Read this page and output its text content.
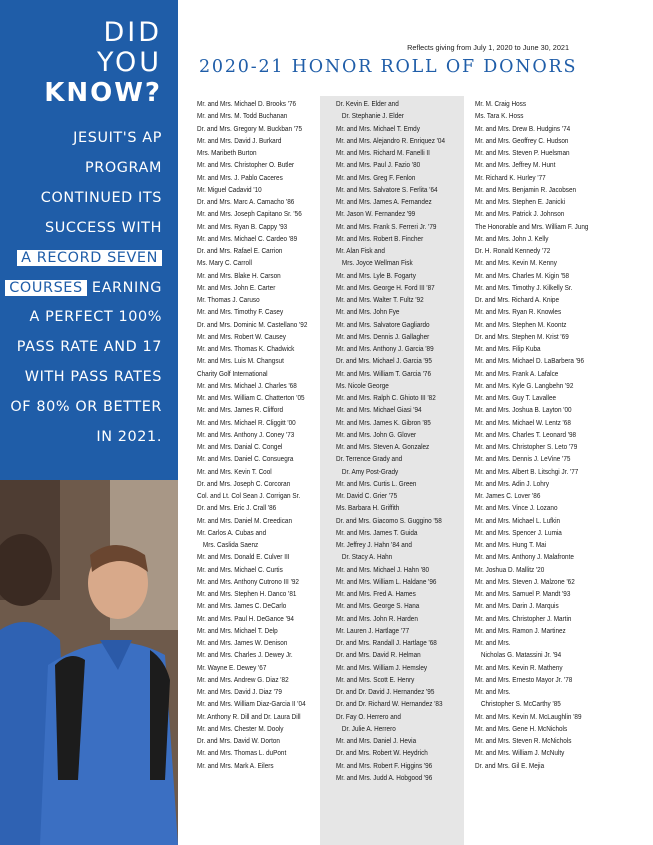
DID
YOU
KNOW?
JESUIT'S AP
PROGRAM
CONTINUED ITS
SUCCESS WITH
A RECORD SEVEN
COURSES EARNING
A PERFECT 100%
PASS RATE AND 17
WITH PASS RATES
OF 80% OR BETTER
IN 2021.
Reflects giving from July 1, 2020 to June 30, 2021
2020-21 HONOR ROLL OF DONORS
Mr. and Mrs. Michael D. Brooks '76
Mr. and Mrs. M. Todd Buchanan
Dr. and Mrs. Gregory M. Buckban '75
Mr. and Mrs. David J. Burkard
Mrs. Maribeth Burton
Mr. and Mrs. Christopher O. Butler
Mr. and Mrs. J. Pablo Caceres
Mr. Miguel Cadavid '10
Dr. and Mrs. Marc A. Camacho '86
Mr. and Mrs. Joseph Capitano Sr. '56
Mr. and Mrs. Ryan B. Cappy '93
Mr. and Mrs. Michael C. Cardeo '89
Dr. and Mrs. Rafael E. Carrion
Ms. Mary C. Carroll
Mr. and Mrs. Blake H. Carson
Mr. and Mrs. John E. Carter
Mr. Thomas J. Caruso
Mr. and Mrs. Timothy F. Casey
Dr. and Mrs. Dominic M. Castellano '92
Mr. and Mrs. Robert W. Causey
Mr. and Mrs. Thomas K. Chadwick
Mr. and Mrs. Luis M. Changsut
Charity Golf International
Mr. and Mrs. Michael J. Charles '68
Mr. and Mrs. William C. Chatterton '05
Mr. and Mrs. James R. Clifford
Mr. and Mrs. Michael R. Cliggitt '00
Mr. and Mrs. Anthony J. Coney '73
Mr. and Mrs. Danial C. Congel
Mr. and Mrs. Daniel C. Consuegra
Mr. and Mrs. Kevin T. Cool
Dr. and Mrs. Joseph C. Corcoran
Col. and Lt. Col Sean J. Corrigan Sr.
Dr. and Mrs. Eric J. Crall '86
Mr. and Mrs. Daniel M. Creedican
Mr. Carlos A. Cubas and
Mrs. Caslida Saenz
Mr. and Mrs. Donald E. Culver III
Mr. and Mrs. Michael C. Curtis
Mr. and Mrs. Anthony Cutrono III '92
Mr. and Mrs. Stephen H. Danco '81
Mr. and Mrs. James C. DeCarlo
Mr. and Mrs. Paul H. DeGance '94
Mr. and Mrs. Michael T. Delp
Mr. and Mrs. James W. Denison
Mr. and Mrs. Charles J. Dewey Jr.
Mr. Wayne E. Dewey '67
Mr. and Mrs. Andrew G. Diaz '82
Mr. and Mrs. David J. Diaz '79
Mr. and Mrs. William Diaz-Garcia II '04
Mr. Anthony R. Dill and Dr. Laura Dill
Mr. and Mrs. Chester M. Dooly
Dr. and Mrs. David W. Dorton
Mr. and Mrs. Thomas L. duPont
Mr. and Mrs. Mark A. Eilers
Dr. Kevin E. Elder and
Dr. Stephanie J. Elder
Mr. and Mrs. Michael T. Emdy
Mr. and Mrs. Alejandro R. Enriquez '04
Mr. and Mrs. Richard M. Fanelli II
Mr. and Mrs. Paul J. Fazio '80
Mr. and Mrs. Greg F. Fenlon
Mr. and Mrs. Salvatore S. Ferlita '64
Mr. and Mrs. James A. Fernandez
Mr. Jason W. Fernandez '99
Mr. and Mrs. Frank S. Ferreri Jr. '79
Mr. and Mrs. Robert B. Fincher
Mr. Alan Fisk and
Mrs. Joyce Wellman Fisk
Mr. and Mrs. Lyle B. Fogarty
Mr. and Mrs. George H. Ford III '87
Mr. and Mrs. Walter T. Fultz '92
Mr. and Mrs. John Fye
Mr. and Mrs. Salvatore Gagliardo
Mr. and Mrs. Dennis J. Gallagher
Mr. and Mrs. Anthony J. Garcia '89
Dr. and Mrs. Michael J. Garcia '95
Mr. and Mrs. William T. Garcia '76
Ms. Nicole George
Mr. and Mrs. Ralph C. Ghioto III '82
Mr. and Mrs. Michael Giasi '94
Mr. and Mrs. James K. Gibron '85
Mr. and Mrs. John G. Glover
Mr. and Mrs. Steven A. Gonzalez
Dr. Terrence Grady and
Dr. Amy Post-Grady
Mr. and Mrs. Curtis L. Green
Mr. David C. Grier '75
Ms. Barbara H. Griffith
Dr. and Mrs. Giacomo S. Guggino '58
Mr. and Mrs. James T. Guida
Mr. Jeffrey J. Hahn '84 and
Dr. Stacy A. Hahn
Mr. and Mrs. Michael J. Hahn '80
Mr. and Mrs. William L. Haldane '96
Mr. and Mrs. Fred A. Hames
Mr. and Mrs. George S. Hana
Mr. and Mrs. John R. Harden
Mr. Lauren J. Hartlage '77
Dr. and Mrs. Randall J. Hartlage '68
Dr. and Mrs. David R. Helman
Mr. and Mrs. William J. Hemsley
Mr. and Mrs. Scott E. Henry
Dr. and Dr. David J. Hernandez '95
Dr. and Dr. Richard W. Hernandez '83
Dr. Fay O. Herrero and
Dr. Julie A. Herrero
Mr. and Mrs. Daniel J. Hevia
Dr. and Mrs. Robert W. Heydrich
Mr. and Mrs. Robert F. Higgins '96
Mr. and Mrs. Judd A. Hobgood '96
Mr. M. Craig Hoss
Ms. Tara K. Hoss
Mr. and Mrs. Drew B. Hudgins '74
Mr. and Mrs. Geoffrey C. Hudson
Mr. and Mrs. Steven P. Huelsman
Mr. and Mrs. Jeffrey M. Hunt
Mr. Richard K. Hurley '77
Mr. and Mrs. Benjamin R. Jacobsen
Mr. and Mrs. Stephen E. Janicki
Mr. and Mrs. Patrick J. Johnson
The Honorable and Mrs. William F. Jung
Mr. and Mrs. John J. Kelly
Dr. H. Ronald Kennedy '72
Mr. and Mrs. Kevin M. Kenny
Mr. and Mrs. Charles M. Kigin '58
Mr. and Mrs. Timothy J. Kilkelly Sr.
Dr. and Mrs. Richard A. Knipe
Mr. and Mrs. Ryan R. Knowles
Mr. and Mrs. Stephen M. Koontz
Dr. and Mrs. Stephen M. Krist '69
Mr. and Mrs. Filip Kuba
Mr. and Mrs. Michael D. LaBarbera '96
Mr. and Mrs. Frank A. Lafalce
Mr. and Mrs. Kyle G. Langbehn '92
Mr. and Mrs. Guy T. Lavallee
Mr. and Mrs. Joshua B. Layton '00
Mr. and Mrs. Michael W. Lentz '68
Mr. and Mrs. Charles T. Leonard '98
Mr. and Mrs. Christopher S. Leto '79
Mr. and Mrs. Dennis J. LeVine '75
Mr. and Mrs. Albert B. Litschgi Jr. '77
Mr. and Mrs. Adin J. Lohry
Mr. James C. Lover '86
Mr. and Mrs. Vince J. Lozano
Mr. and Mrs. Michael L. Lufkin
Mr. and Mrs. Spencer J. Lumia
Mr. and Mrs. Hung T. Mai
Mr. and Mrs. Anthony J. Malafronte
Mr. Joshua D. Mallitz '20
Mr. and Mrs. Steven J. Malzone '62
Mr. and Mrs. Samuel P. Mandt '93
Mr. and Mrs. Darin J. Marquis
Mr. and Mrs. Christopher J. Martin
Mr. and Mrs. Ramon J. Martinez
Mr. and Mrs.
Nicholas G. Matassini Jr. '94
Mr. and Mrs. Kevin R. Matheny
Mr. and Mrs. Ernesto Mayor Jr. '78
Mr. and Mrs.
Christopher S. McCarthy '85
Mr. and Mrs. Kevin M. McLaughlin '89
Mr. and Mrs. Gene H. McNichols
Mr. and Mrs. Steven R. McNichols
Mr. and Mrs. William J. McNulty
Dr. and Mrs. Gil E. Mejia
